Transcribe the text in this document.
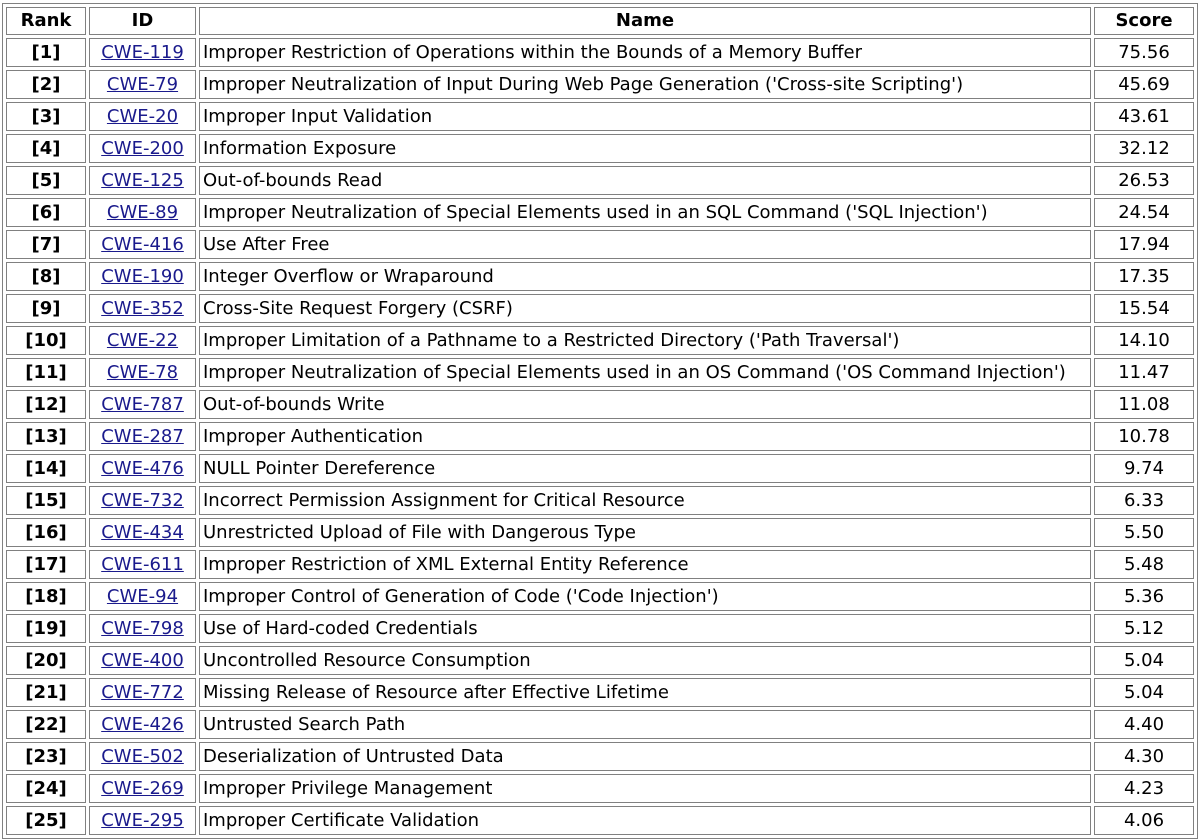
Rank	ID	Name	Score
[1]	CWE-119	Improper Restriction of Operations within the Bounds of a Memory Buffer	75.56
[2]	CWE-79	Improper Neutralization of Input During Web Page Generation ('Cross-site Scripting')	45.69
[3]	CWE-20	Improper Input Validation	43.61
[4]	CWE-200	Information Exposure	32.12
[5]	CWE-125	Out-of-bounds Read	26.53
[6]	CWE-89	Improper Neutralization of Special Elements used in an SQL Command ('SQL Injection')	24.54
[7]	CWE-416	Use After Free	17.94
[8]	CWE-190	Integer Overflow or Wraparound	17.35
[9]	CWE-352	Cross-Site Request Forgery (CSRF)	15.54
[10]	CWE-22	Improper Limitation of a Pathname to a Restricted Directory ('Path Traversal')	14.10
[11]	CWE-78	Improper Neutralization of Special Elements used in an OS Command ('OS Command Injection')	11.47
[12]	CWE-787	Out-of-bounds Write	11.08
[13]	CWE-287	Improper Authentication	10.78
[14]	CWE-476	NULL Pointer Dereference	9.74
[15]	CWE-732	Incorrect Permission Assignment for Critical Resource	6.33
[16]	CWE-434	Unrestricted Upload of File with Dangerous Type	5.50
[17]	CWE-611	Improper Restriction of XML External Entity Reference	5.48
[18]	CWE-94	Improper Control of Generation of Code ('Code Injection')	5.36
[19]	CWE-798	Use of Hard-coded Credentials	5.12
[20]	CWE-400	Uncontrolled Resource Consumption	5.04
[21]	CWE-772	Missing Release of Resource after Effective Lifetime	5.04
[22]	CWE-426	Untrusted Search Path	4.40
[23]	CWE-502	Deserialization of Untrusted Data	4.30
[24]	CWE-269	Improper Privilege Management	4.23
[25]	CWE-295	Improper Certificate Validation	4.06
